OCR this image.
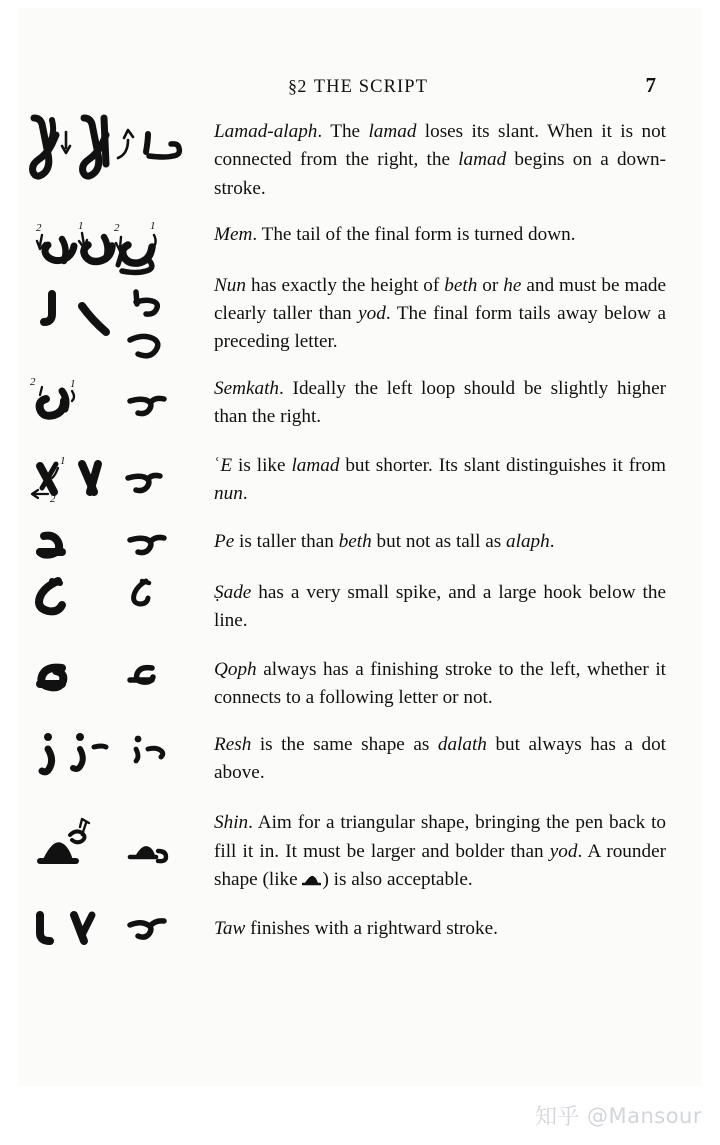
§2 THE SCRIPT	7

Lamad-alaph. The lamad loses its slant. When it is not connected from the right, the lamad begins on a down-stroke.

2	1	2	1	Mem. The tail of the final form is turned down.

Nun has exactly the height of beth or he and must be made clearly taller than yod. The final form tails away below a preceding letter.

2	1	Semkath. Ideally the left loop should be slightly higher than the right.

1
2

ʿE is like lamad but shorter. Its slant distinguishes it from nun.

Pe is taller than beth but not as tall as alaph.

Ṣade has a very small spike, and a large hook below the line.

Qoph always has a finishing stroke to the left, whether it connects to a following letter or not.

Resh is the same shape as dalath but always has a dot above.

Shin. Aim for a triangular shape, bringing the pen back to fill it in. It must be larger and bolder than yod. A rounder shape (like ) is also acceptable.

Taw finishes with a rightward stroke.

知乎 @Mansour
